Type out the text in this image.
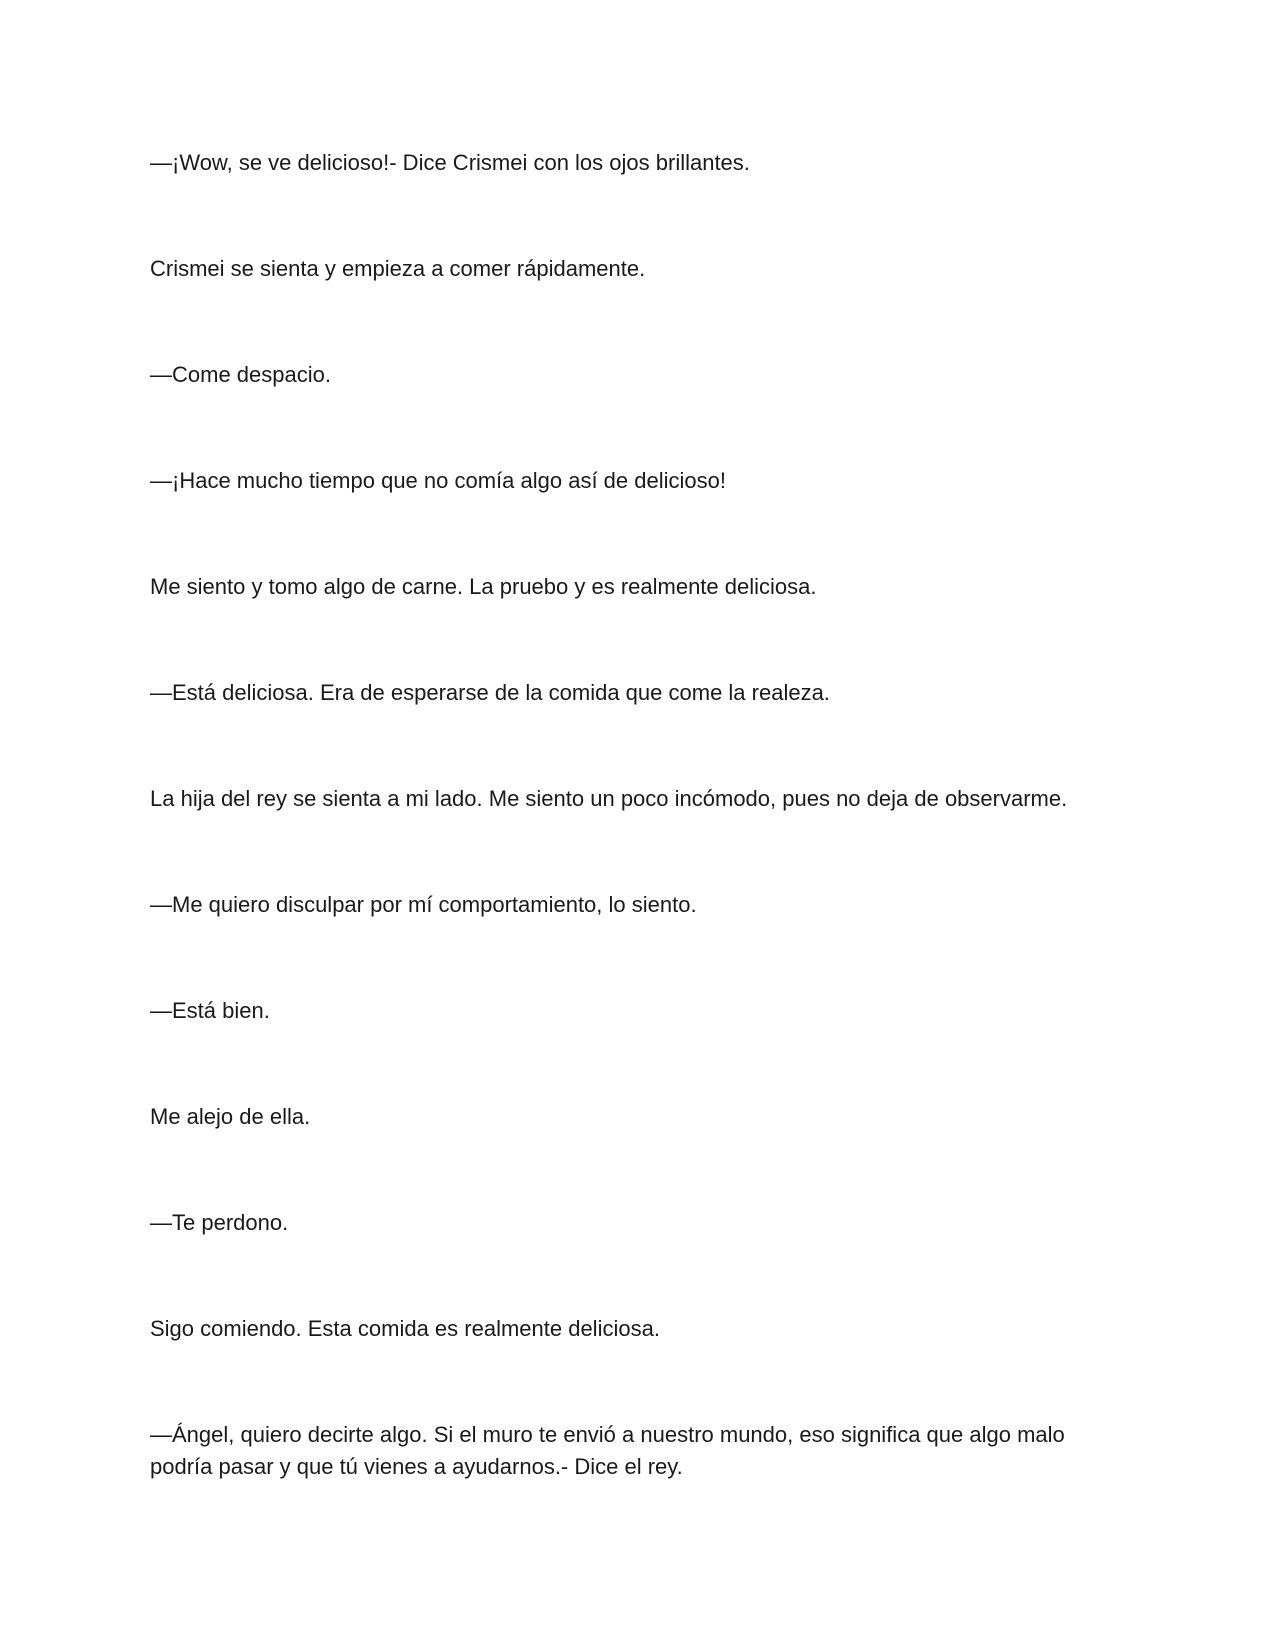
—¡Wow, se ve delicioso!- Dice Crismei con los ojos brillantes.

Crismei se sienta y empieza a comer rápidamente.

—Come despacio.

—¡Hace mucho tiempo que no comía algo así de delicioso!

Me siento y tomo algo de carne. La pruebo y es realmente deliciosa.

—Está deliciosa. Era de esperarse de la comida que come la realeza.

La hija del rey se sienta a mi lado. Me siento un poco incómodo, pues no deja de observarme.

—Me quiero disculpar por mí comportamiento, lo siento.

—Está bien.

Me alejo de ella.

—Te perdono.

Sigo comiendo. Esta comida es realmente deliciosa.

—Ángel, quiero decirte algo. Si el muro te envió a nuestro mundo, eso significa que algo malo podría pasar y que tú vienes a ayudarnos.- Dice el rey.
